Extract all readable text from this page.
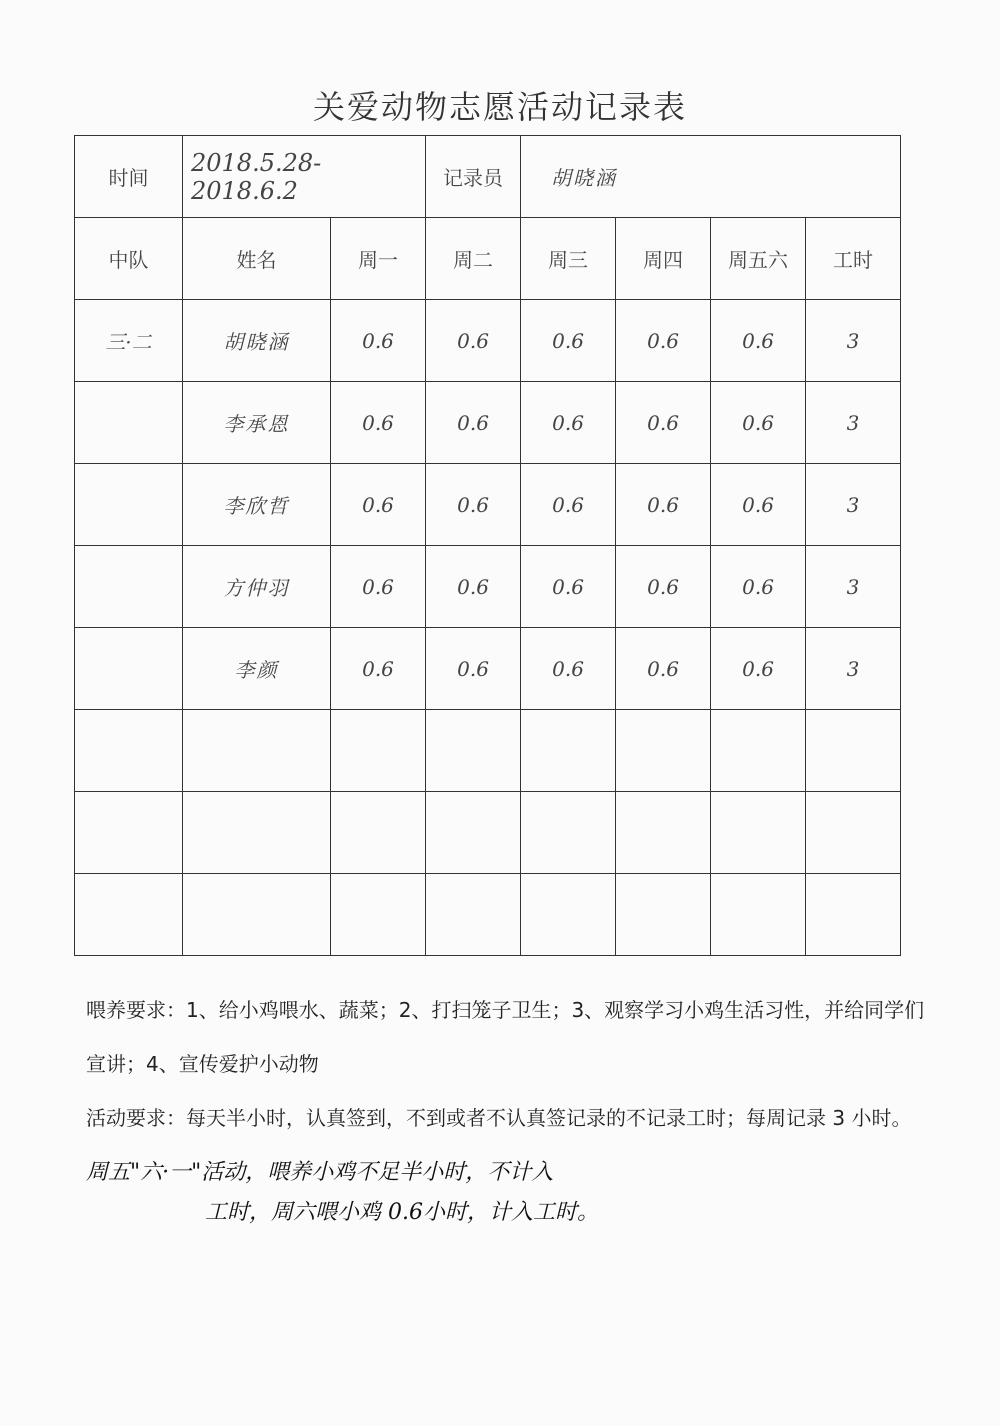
关爱动物志愿活动记录表
时间	2018.5.28-2018.6.2		记录员	胡晓涵			
中队	姓名	周一	周二	周三	周四	周五六	工时
三·二	胡晓涵	0.6	0.6	0.6	0.6	0.6	3
	李承恩	0.6	0.6	0.6	0.6	0.6	3
	李欣哲	0.6	0.6	0.6	0.6	0.6	3
	方仲羽	0.6	0.6	0.6	0.6	0.6	3
	李颜	0.6	0.6	0.6	0.6	0.6	3

喂养要求：1、给小鸡喂水、蔬菜；2、打扫笼子卫生；3、观察学习小鸡生活习性，并给同学们宣讲；4、宣传爱护小动物

活动要求：每天半小时，认真签到，不到或者不认真签记录的不记录工时；每周记录 3 小时。 周五"六·一"活动，喂养小鸡不足半小时，不计入

工时，周六喂小鸡 0.6小时，计入工时。
